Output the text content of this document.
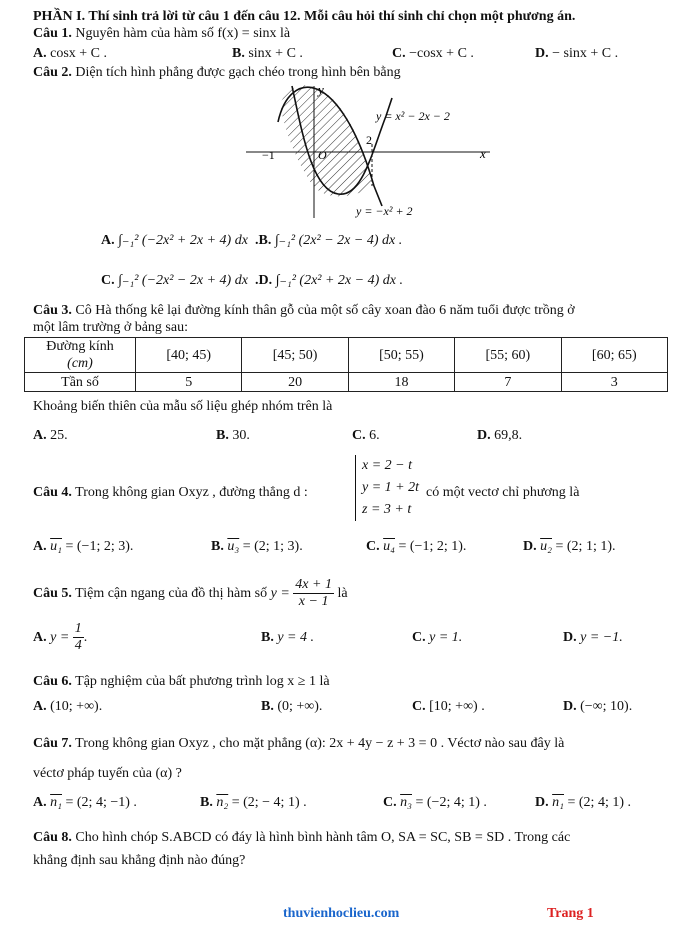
PHẦN I. Thí sinh trả lời từ câu 1 đến câu 12. Mỗi câu hỏi thí sinh chỉ chọn một phương án.
Câu 1. Nguyên hàm của hàm số f(x) = sinx là
A. cosx + C .	B. sinx + C .	C. −cosx + C .	D. − sinx + C .
Câu 2. Diện tích hình phẳng được gạch chéo trong hình bên bằng
y
x
O
−1
2
y = x² − 2x − 2
y = −x² + 2
A. ∫₋₁² (−2x² + 2x + 4) dx .B. ∫₋₁² (2x² − 2x − 4) dx .
C. ∫₋₁² (−2x² − 2x + 4) dx .D. ∫₋₁² (2x² + 2x − 4) dx .
Câu 3. Cô Hà thống kê lại đường kính thân gỗ của một số cây xoan đào 6 năm tuổi được trồng ở
một lâm trường ở bảng sau:
Đường kính
(cm)	[40; 45)	[45; 50)	[50; 55)	[55; 60)	[60; 65)
Tần số	5	20	18	7	3
Khoảng biến thiên của mẫu số liệu ghép nhóm trên là
A. 25.	B. 30.	C. 6.	D. 69,8.
Câu 4. Trong không gian Oxyz , đường thẳng d :
x = 2 − t
y = 1 + 2t
z = 3 + t
có một vectơ chỉ phương là
A. u₁ = (−1; 2; 3).	B. u₃ = (2; 1; 3).	C. u₄ = (−1; 2; 1).	D. u₂ = (2; 1; 1).
Câu 5. Tiệm cận ngang của đồ thị hàm số $y = \frac{4x + 1}{x - 1}$ là
A. $y = \frac{1}{4}$ .	B. y = 4 .	C. y = 1.	D. y = −1.
Câu 6. Tập nghiệm của bất phương trình log x ≥ 1 là
A. (10; +∞).	B. (0; +∞).	C. [10; +∞) .	D. (−∞; 10).
Câu 7. Trong không gian Oxyz , cho mặt phẳng (α): 2x + 4y − z + 3 = 0 . Véctơ nào sau đây là
véctơ pháp tuyến của (α) ?
A. n₁ = (2; 4; −1) .	B. n₂ = (2; − 4; 1) .	C. n₃ = (−2; 4; 1) .	D. n₁ = (2; 4; 1) .
Câu 8. Cho hình chóp S.ABCD có đáy là hình bình hành tâm O, SA = SC, SB = SD . Trong các
khẳng định sau khẳng định nào đúng?
thuvienhoclieu.com	Trang 1
